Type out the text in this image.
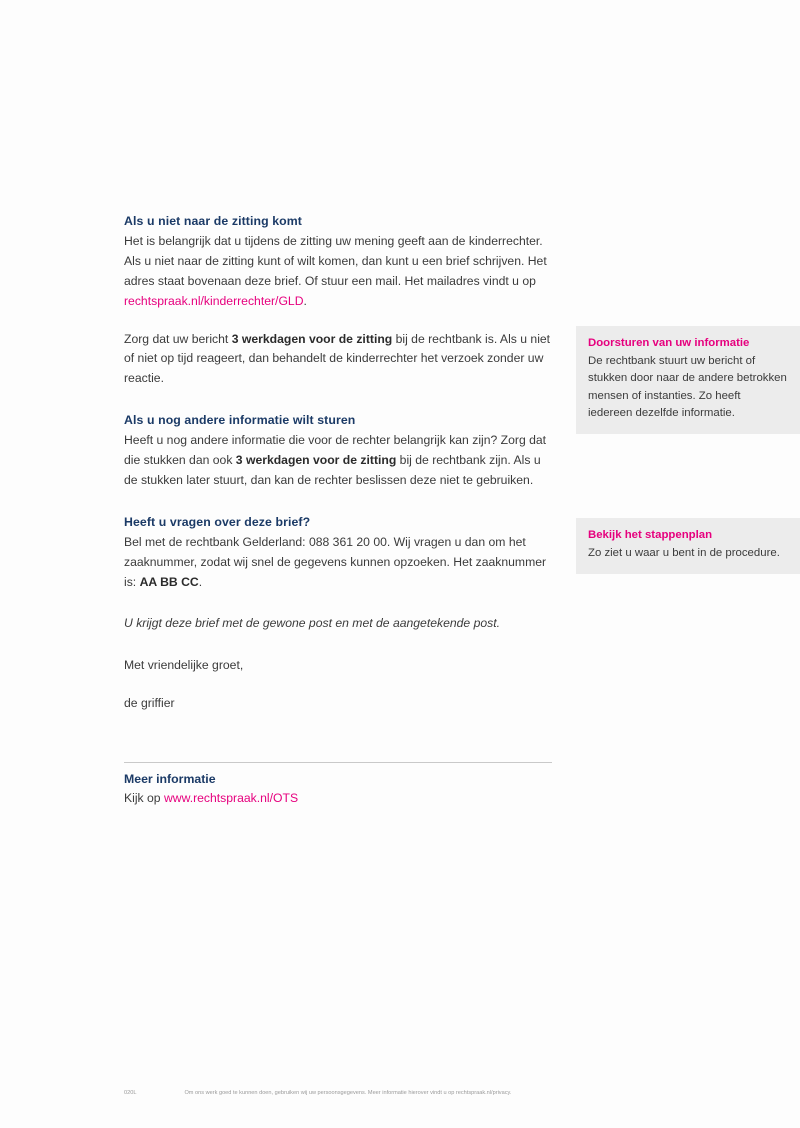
Als u niet naar de zitting komt

Het is belangrijk dat u tijdens de zitting uw mening geeft aan de kinderrechter. Als u niet naar de zitting kunt of wilt komen, dan kunt u een brief schrijven. Het adres staat bovenaan deze brief. Of stuur een mail. Het mailadres vindt u op rechtspraak.nl/kinderrechter/GLD.

Zorg dat uw bericht 3 werkdagen voor de zitting bij de rechtbank is. Als u niet of niet op tijd reageert, dan behandelt de kinderrechter het verzoek zonder uw reactie.

Als u nog andere informatie wilt sturen

Heeft u nog andere informatie die voor de rechter belangrijk kan zijn? Zorg dat die stukken dan ook 3 werkdagen voor de zitting bij de rechtbank zijn. Als u de stukken later stuurt, dan kan de rechter beslissen deze niet te gebruiken.

Heeft u vragen over deze brief?

Bel met de rechtbank Gelderland: 088 361 20 00. Wij vragen u dan om het zaaknummer, zodat wij snel de gegevens kunnen opzoeken. Het zaaknummer is: AA BB CC.

U krijgt deze brief met de gewone post en met de aangetekende post.

Met vriendelijke groet,

de griffier

Doorsturen van uw informatie

De rechtbank stuurt uw bericht of stukken door naar de andere betrokken mensen of instanties. Zo heeft iedereen dezelfde informatie.

Bekijk het stappenplan

Zo ziet u waar u bent in de procedure.

Meer informatie

Kijk op www.rechtspraak.nl/OTS

020L	Om ons werk goed te kunnen doen, gebruiken wij uw persoonsgegevens. Meer informatie hierover vindt u op rechtspraak.nl/privacy.
